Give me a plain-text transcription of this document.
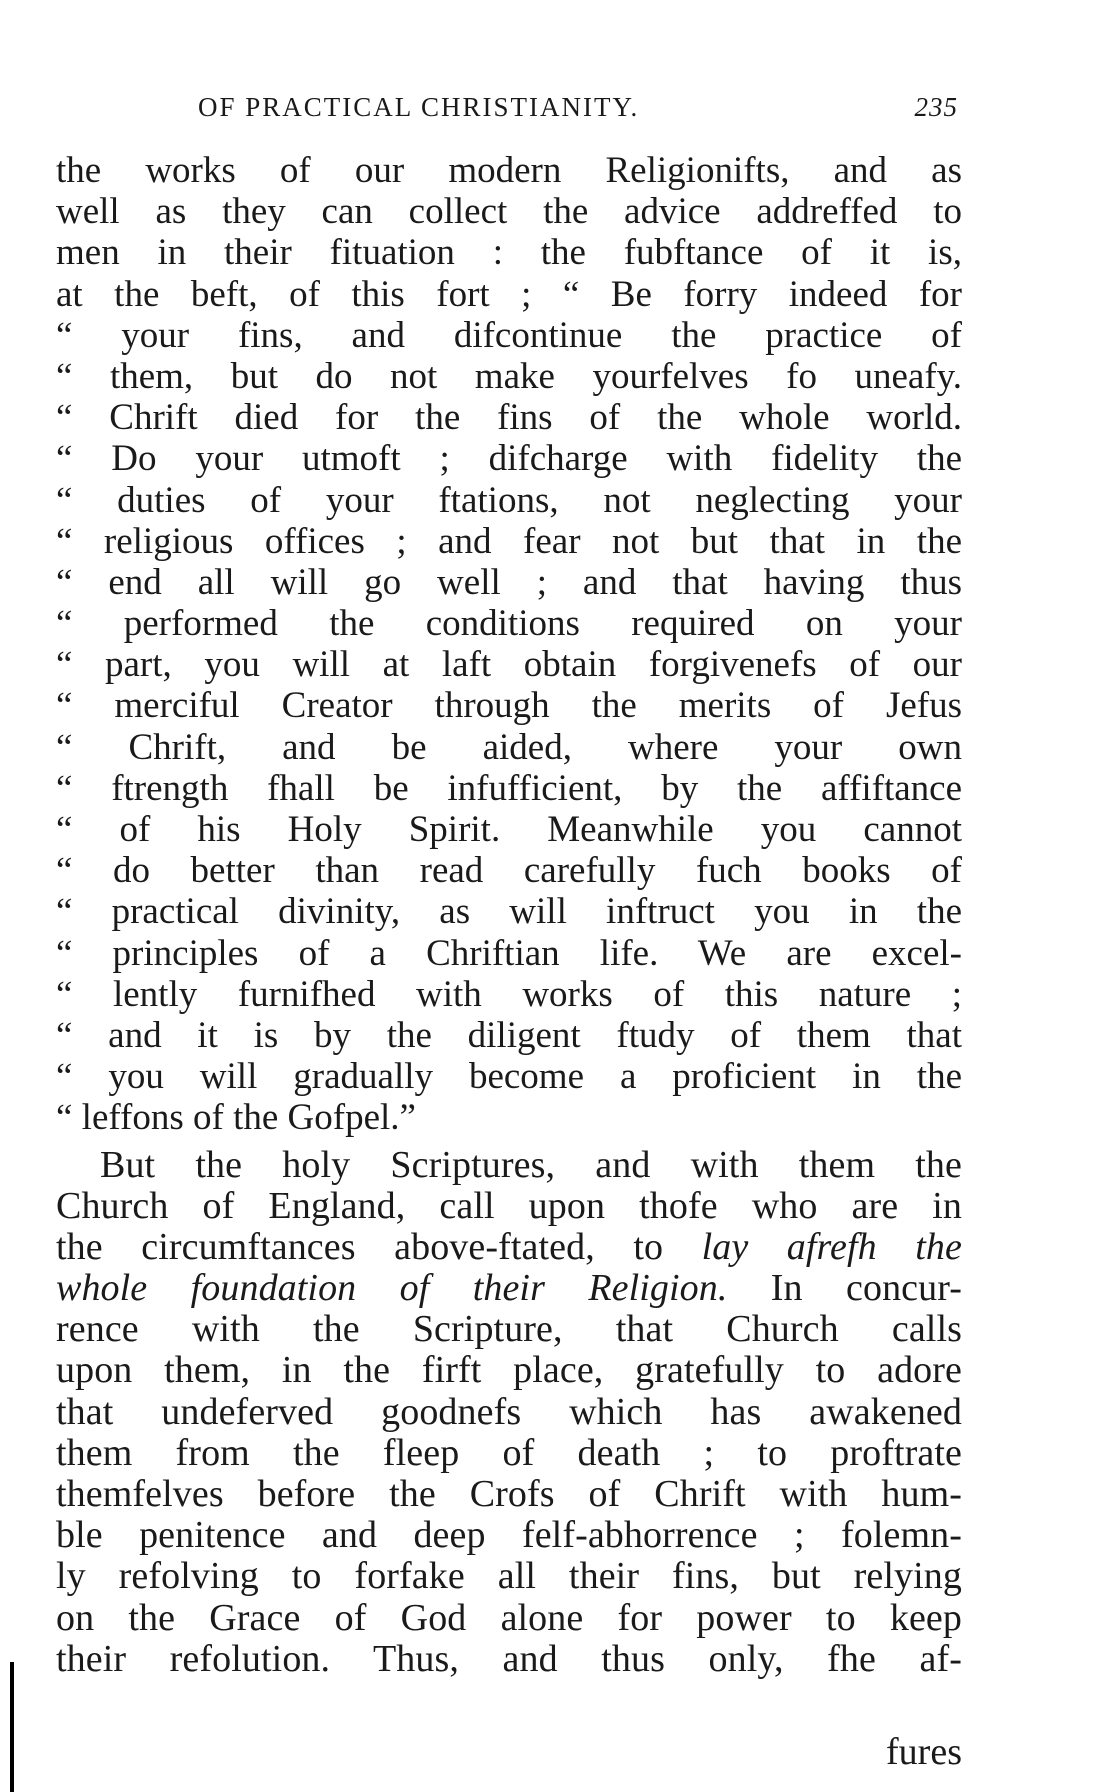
OF PRACTICAL CHRISTIANITY.	235
the works of our modern Religionifts, and as
well as they can collect the advice addreffed to
men in their fituation : the fubftance of it is,
at the beft, of this fort ; “ Be forry indeed for
“ your fins, and difcontinue the practice of
“ them, but do not make yourfelves fo uneafy.
“ Chrift died for the fins of the whole world.
“ Do your utmoft ; difcharge with fidelity the
“ duties of your ftations, not neglecting your
“ religious offices ; and fear not but that in the
“ end all will go well ; and that having thus
“ performed the conditions required on your
“ part, you will at laft obtain forgivenefs of our
“ merciful Creator through the merits of Jefus
“ Chrift, and be aided, where your own
“ ftrength fhall be infufficient, by the affiftance
“ of his Holy Spirit. Meanwhile you cannot
“ do better than read carefully fuch books of
“ practical divinity, as will inftruct you in the
“ principles of a Chriftian life. We are excel-
“ lently furnifhed with works of this nature ;
“ and it is by the diligent ftudy of them that
“ you will gradually become a proficient in the
“ leffons of the Gofpel.”
But the holy Scriptures, and with them the
Church of England, call upon thofe who are in
the circumftances above-ftated, to lay afrefh the
whole foundation of their Religion. In concur-
rence with the Scripture, that Church calls
upon them, in the firft place, gratefully to adore
that undeferved goodnefs which has awakened
them from the fleep of death ; to proftrate
themfelves before the Crofs of Chrift with hum-
ble penitence and deep felf-abhorrence ; folemn-
ly refolving to forfake all their fins, but relying
on the Grace of God alone for power to keep
their refolution. Thus, and thus only, fhe af-
fures
